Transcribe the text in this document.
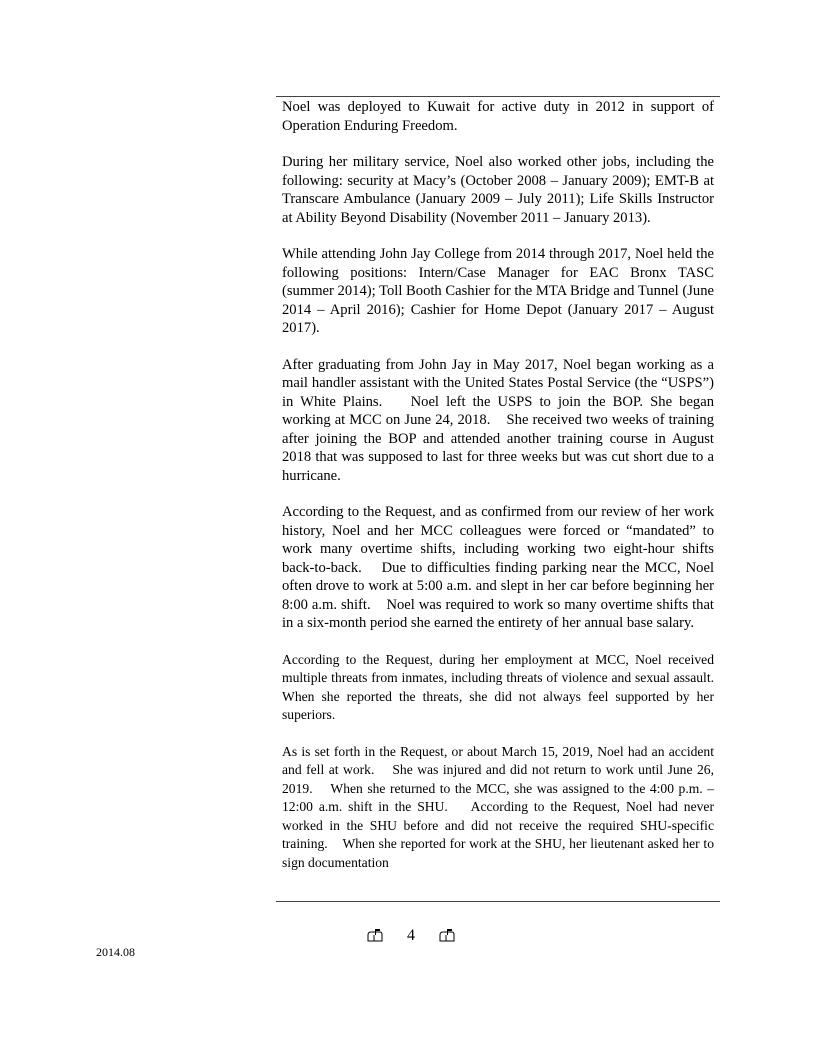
Noel was deployed to Kuwait for active duty in 2012 in support of Operation Enduring Freedom.

During her military service, Noel also worked other jobs, including the following: security at Macy’s (October 2008 – January 2009); EMT-B at Transcare Ambulance (January 2009 – July 2011); Life Skills Instructor at Ability Beyond Disability (November 2011 – January 2013).

While attending John Jay College from 2014 through 2017, Noel held the following positions: Intern/Case Manager for EAC Bronx TASC (summer 2014); Toll Booth Cashier for the MTA Bridge and Tunnel (June 2014 – April 2016); Cashier for Home Depot (January 2017 – August 2017).

After graduating from John Jay in May 2017, Noel began working as a mail handler assistant with the United States Postal Service (the “USPS”) in White Plains.    Noel left the USPS to join the BOP. She began working at MCC on June 24, 2018.    She received two weeks of training after joining the BOP and attended another training course in August 2018 that was supposed to last for three weeks but was cut short due to a hurricane.

According to the Request, and as confirmed from our review of her work history, Noel and her MCC colleagues were forced or “mandated” to work many overtime shifts, including working two eight-hour shifts back-to-back.    Due to difficulties finding parking near the MCC, Noel often drove to work at 5:00 a.m. and slept in her car before beginning her 8:00 a.m. shift.    Noel was required to work so many overtime shifts that in a six-month period she earned the entirety of her annual base salary.

According to the Request, during her employment at MCC, Noel received multiple threats from inmates, including threats of violence and sexual assault.    When she reported the threats, she did not always feel supported by her superiors.

As is set forth in the Request, or about March 15, 2019, Noel had an accident and fell at work.    She was injured and did not return to work until June 26, 2019.    When she returned to the MCC, she was assigned to the 4:00 p.m. – 12:00 a.m. shift in the SHU.    According to the Request, Noel had never worked in the SHU before and did not receive the required SHU-specific training.    When she reported for work at the SHU, her lieutenant asked her to sign documentation

4
2014.08
